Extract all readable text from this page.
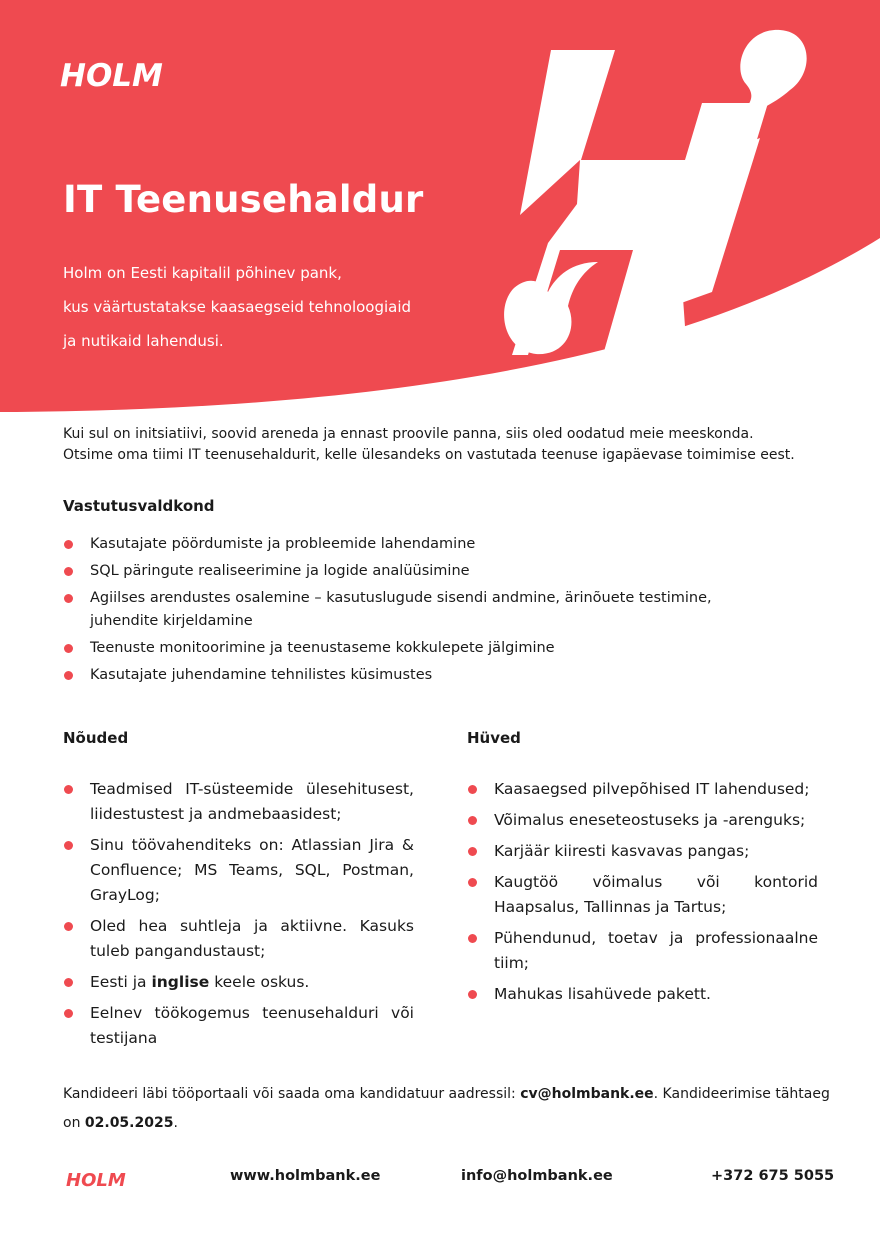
HOLM
IT Teenusehaldur
Holm on Eesti kapitalil põhinev pank,
kus väärtustatakse kaasaegseid tehnoloogiaid
ja nutikaid lahendusi.

Kui sul on initsiatiivi, soovid areneda ja ennast proovile panna, siis oled oodatud meie meeskonda.

Otsime oma tiimi IT teenusehaldurit, kelle ülesandeks on vastutada teenuse igapäevase toimimise eest.

Vastutusvaldkond
Kasutajate pöördumiste ja probleemide lahendamine
SQL päringute realiseerimine ja logide analüüsimine
Agiilses arendustes osalemine – kasutuslugude sisendi andmine, ärinõuete testimine, juhendite kirjeldamine
Teenuste monitoorimine ja teenustaseme kokkulepete jälgimine
Kasutajate juhendamine tehnilistes küsimustes
Nõuded
Teadmised IT-süsteemide ülesehitusest, liidestustest ja andmebaasidest;
Sinu töövahenditeks on: Atlassian Jira & Confluence; MS Teams, SQL, Postman, GrayLog;
Oled hea suhtleja ja aktiivne. Kasuks tuleb pangandustaust;
Eesti ja inglise keele oskus.
Eelnev töökogemus teenusehalduri või testijana
Hüved
Kaasaegsed pilvepõhised IT lahendused;
Võimalus eneseteostuseks ja -arenguks;
Karjäär kiiresti kasvavas pangas;
Kaugtöö võimalus või kontorid Haapsalus, Tallinnas ja Tartus;
Pühendunud, toetav ja professionaalne tiim;
Mahukas lisahüvede pakett.

Kandideeri läbi tööportaali või saada oma kandidatuur aadressil: cv@holmbank.ee. Kandideerimise tähtaeg on 02.05.2025.

HOLM	www.holmbank.ee	info@holmbank.ee	+372 675 5055
